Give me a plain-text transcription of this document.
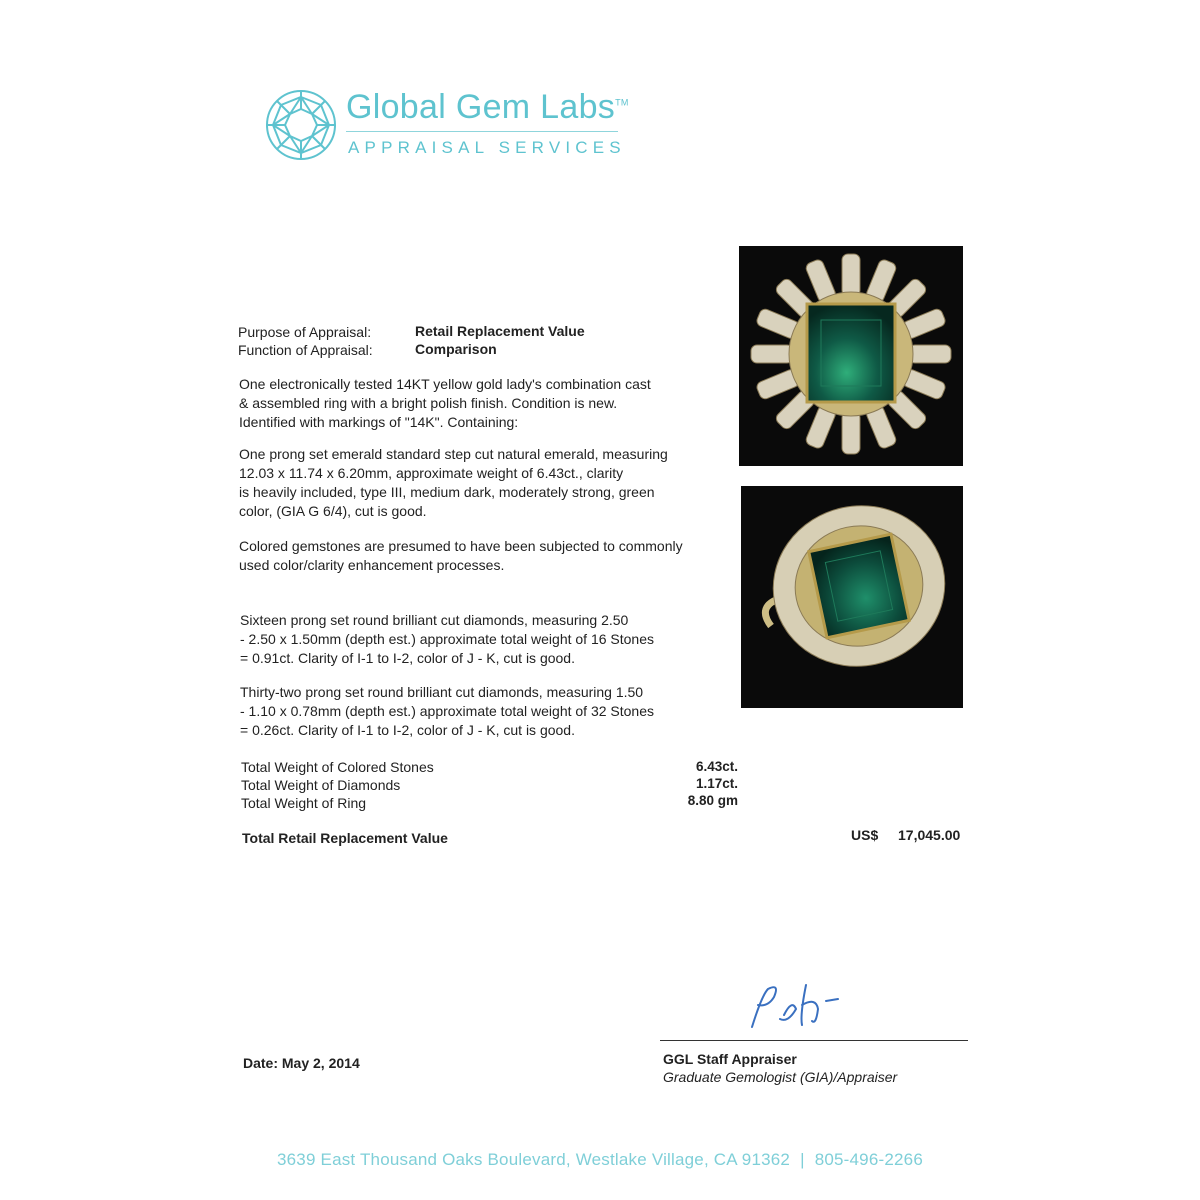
Global Gem Labs™
APPRAISAL SERVICES
Purpose of Appraisal:	Retail Replacement Value
Function of Appraisal:	Comparison
One electronically tested 14KT yellow gold lady's combination cast
& assembled ring with a bright polish finish. Condition is new.
Identified with markings of "14K". Containing:
One prong set emerald standard step cut natural emerald, measuring
12.03 x 11.74 x 6.20mm, approximate weight of 6.43ct., clarity
is heavily included, type III, medium dark, moderately strong, green
color, (GIA G 6/4), cut is good.
Colored gemstones are presumed to have been subjected to commonly
used color/clarity enhancement processes.
Sixteen prong set round brilliant cut diamonds, measuring 2.50
- 2.50 x 1.50mm (depth est.) approximate total weight of 16 Stones
= 0.91ct. Clarity of I-1 to I-2, color of J - K, cut is good.
Thirty-two prong set round brilliant cut diamonds, measuring 1.50
- 1.10 x 0.78mm (depth est.) approximate total weight of 32 Stones
= 0.26ct. Clarity of I-1 to I-2, color of J - K, cut is good.
Total Weight of Colored Stones	6.43ct.
Total Weight of Diamonds	1.17ct.
Total Weight of Ring	8.80 gm
Total Retail Replacement Value	US$ 17,045.00
Date: May 2, 2014	GGL Staff Appraiser
Graduate Gemologist (GIA)/Appraiser
3639 East Thousand Oaks Boulevard, Westlake Village, CA 91362 | 805-496-2266
